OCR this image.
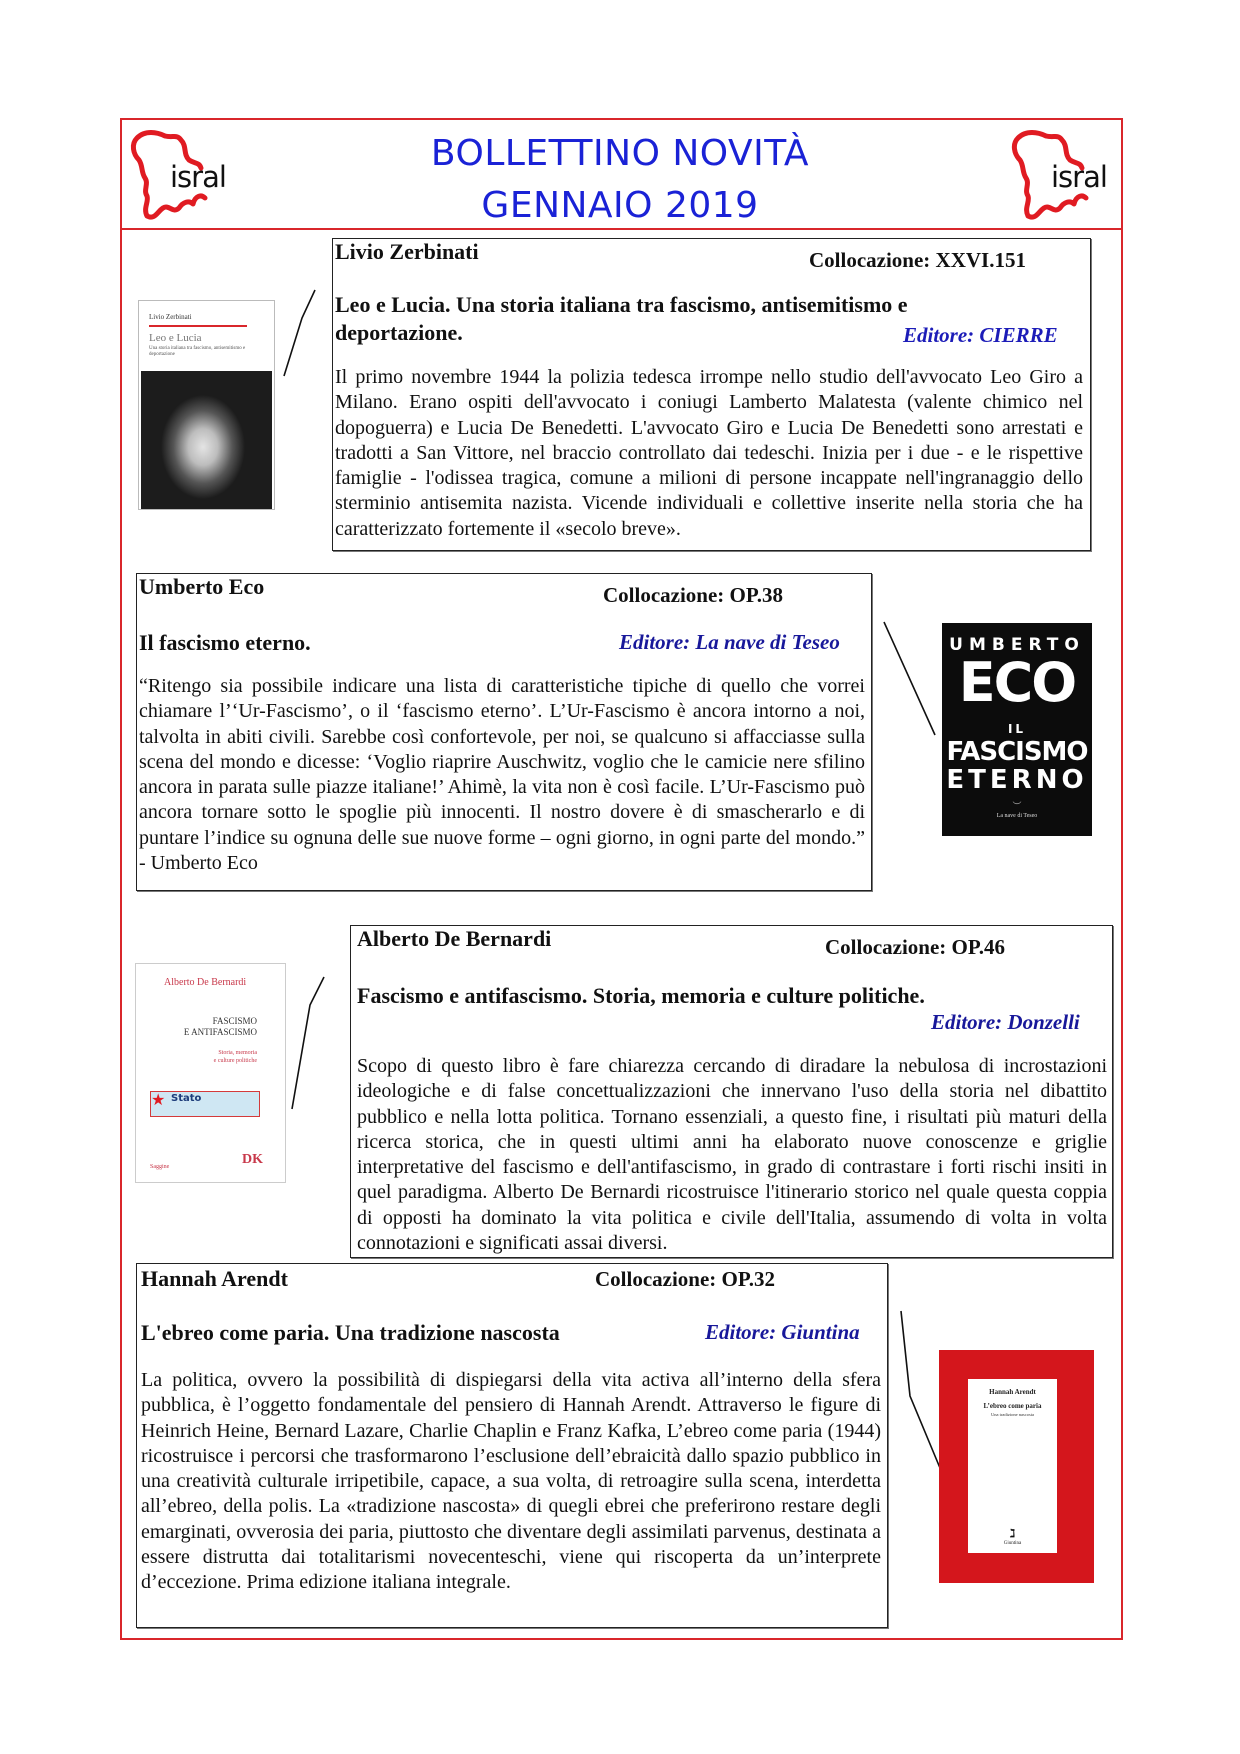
isral	isral
BOLLETTINO NOVITÀ
GENNAIO 2019
Livio Zerbinati
Leo e Lucia
Una storia italiana tra fascismo, antisemitismo e deportazione
Livio Zerbinati	Collocazione: XXVI.151
Leo e Lucia. Una storia italiana tra fascismo, antisemitismo e deportazione.	Editore: CIERRE
Il primo novembre 1944 la polizia tedesca irrompe nello studio dell'avvocato Leo Giro a Milano. Erano ospiti dell'avvocato i coniugi Lamberto Malatesta (valente chimico nel dopoguerra) e Lucia De Benedetti. L'avvocato Giro e Lucia De Benedetti sono arrestati e tradotti a San Vittore, nel braccio controllato dai tedeschi. Inizia per i due - e le rispettive famiglie - l'odissea tragica, comune a milioni di persone incappate nell'ingranaggio dello sterminio antisemita nazista. Vicende individuali e collettive inserite nella storia che ha caratterizzato fortemente il «secolo breve».
Umberto Eco	Collocazione: OP.38
Il fascismo eterno.	Editore: La nave di Teseo
“Ritengo sia possibile indicare una lista di caratteristiche tipiche di quello che vorrei chiamare l’‘Ur-Fascismo’, o il ‘fascismo eterno’. L’Ur-Fascismo è ancora intorno a noi, talvolta in abiti civili. Sarebbe così confortevole, per noi, se qualcuno si affacciasse sulla scena del mondo e dicesse: ‘Voglio riaprire Auschwitz, voglio che le camicie nere sfilino ancora in parata sulle piazze italiane!’ Ahimè, la vita non è così facile. L’Ur-Fascismo può ancora tornare sotto le spoglie più innocenti. Il nostro dovere è di smascherarlo e di puntare l’indice su ognuna delle sue nuove forme – ogni giorno, in ogni parte del mondo.” - Umberto Eco
UMBERTO
ECO
IL
FASCISMO
ETERNO
︶
La nave di Teseo
Alberto De Bernardi
FASCISMO
E ANTIFASCISMO
Storia, memoria
e culture politiche
★ Stato
Saggine	DK
Alberto De Bernardi	Collocazione: OP.46
Fascismo e antifascismo. Storia, memoria e culture politiche.
Editore: Donzelli
Scopo di questo libro è fare chiarezza cercando di diradare la nebulosa di incrostazioni ideologiche e di false concettualizzazioni che innervano l'uso della storia nel dibattito pubblico e nella lotta politica. Tornano essenziali, a questo fine, i risultati più maturi della ricerca storica, che in questi ultimi anni ha elaborato nuove conoscenze e griglie interpretative del fascismo e dell'antifascismo, in grado di contrastare i forti rischi insiti in quel paradigma. Alberto De Bernardi ricostruisce l'itinerario storico nel quale questa coppia di opposti ha dominato la vita politica e civile dell'Italia, assumendo di volta in volta connotazioni e significati assai diversi.
Hannah Arendt	Collocazione: OP.32
L'ebreo come paria. Una tradizione nascosta	Editore: Giuntina
La politica, ovvero la possibilità di dispiegarsi della vita activa all’interno della sfera pubblica, è l’oggetto fondamentale del pensiero di Hannah Arendt. Attraverso le figure di Heinrich Heine, Bernard Lazare, Charlie Chaplin e Franz Kafka, L’ebreo come paria (1944) ricostruisce i percorsi che trasformarono l’esclusione dell’ebraicità dallo spazio pubblico in una creatività culturale irripetibile, capace, a sua volta, di retroagire sulla scena, interdetta all’ebreo, della polis. La «tradizione nascosta» di quegli ebrei che preferirono restare degli emarginati, ovverosia dei paria, piuttosto che diventare degli assimilati parvenus, destinata a essere distrutta dai totalitarismi novecenteschi, viene qui riscoperta da un’interprete d’eccezione. Prima edizione italiana integrale.
Hannah Arendt
L’ebreo come paria
Una tradizione nascosta
ℷ
Giuntina
